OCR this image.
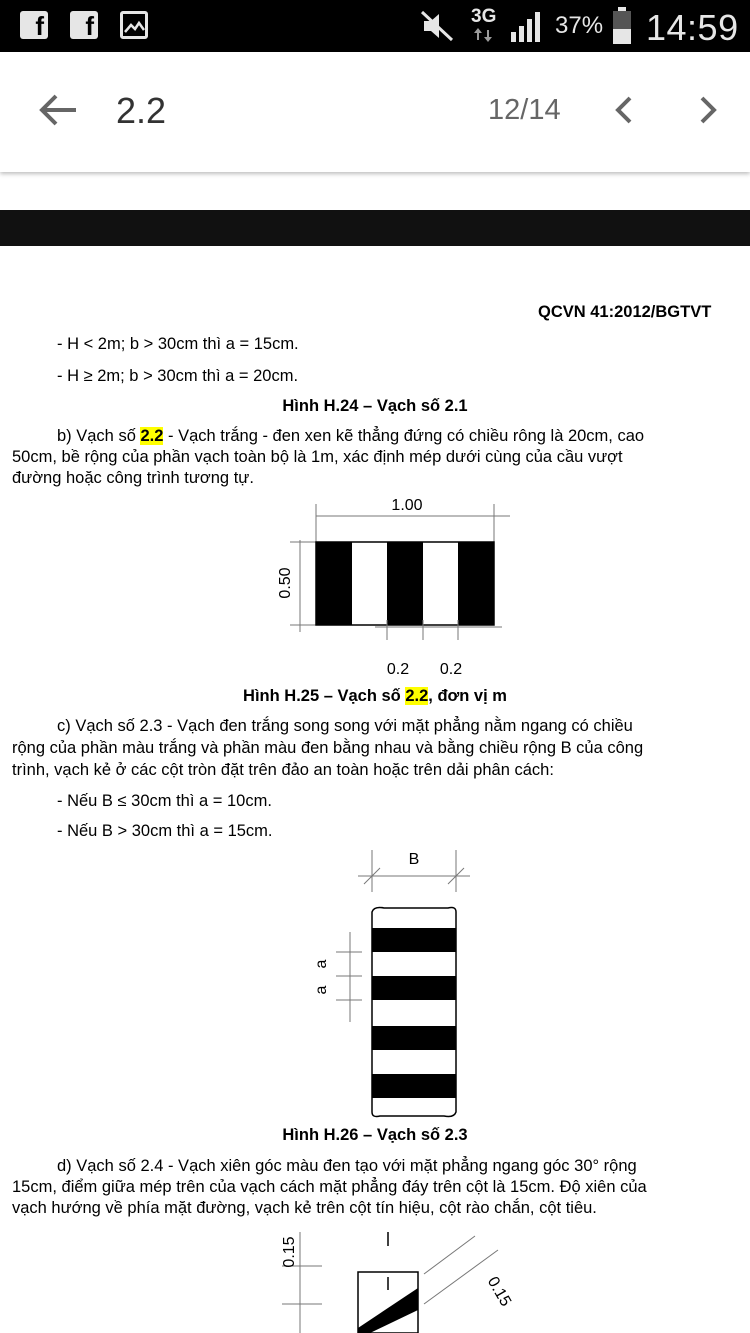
f	f	3G 37% 14:59
2.2	12/14
QCVN 41:2012/BGTVT
- H < 2m; b > 30cm thì a = 15cm.
- H ≥ 2m; b > 30cm thì a = 20cm.
Hình H.24 – Vạch số 2.1
b) Vạch số 2.2 - Vạch trắng - đen xen kẽ thẳng đứng có chiều rông là 20cm, cao
50cm, bề rộng của phần vạch toàn bộ là 1m, xác định mép dưới cùng của cầu vượt
đường hoặc công trình tương tự.
1.00
0.50
0.2 0.2
Hình H.25 – Vạch số 2.2, đơn vị m
c) Vạch số 2.3 - Vạch đen trắng song song với mặt phẳng nằm ngang có chiều
rộng của phần màu trắng và phần màu đen bằng nhau và bằng chiều rộng B của công
trình, vạch kẻ ở các cột tròn đặt trên đảo an toàn hoặc trên dải phân cách:
- Nếu B ≤ 30cm thì a = 10cm.
- Nếu B > 30cm thì a = 15cm.
B
a
a
Hình H.26 – Vạch số 2.3
d) Vạch số 2.4 - Vạch xiên góc màu đen tạo với mặt phẳng ngang góc 30° rộng
15cm, điểm giữa mép trên của vạch cách mặt phẳng đáy trên cột là 15cm. Độ xiên của
vạch hướng về phía mặt đường, vạch kẻ trên cột tín hiệu, cột rào chắn, cột tiêu.
0.15
0.15
